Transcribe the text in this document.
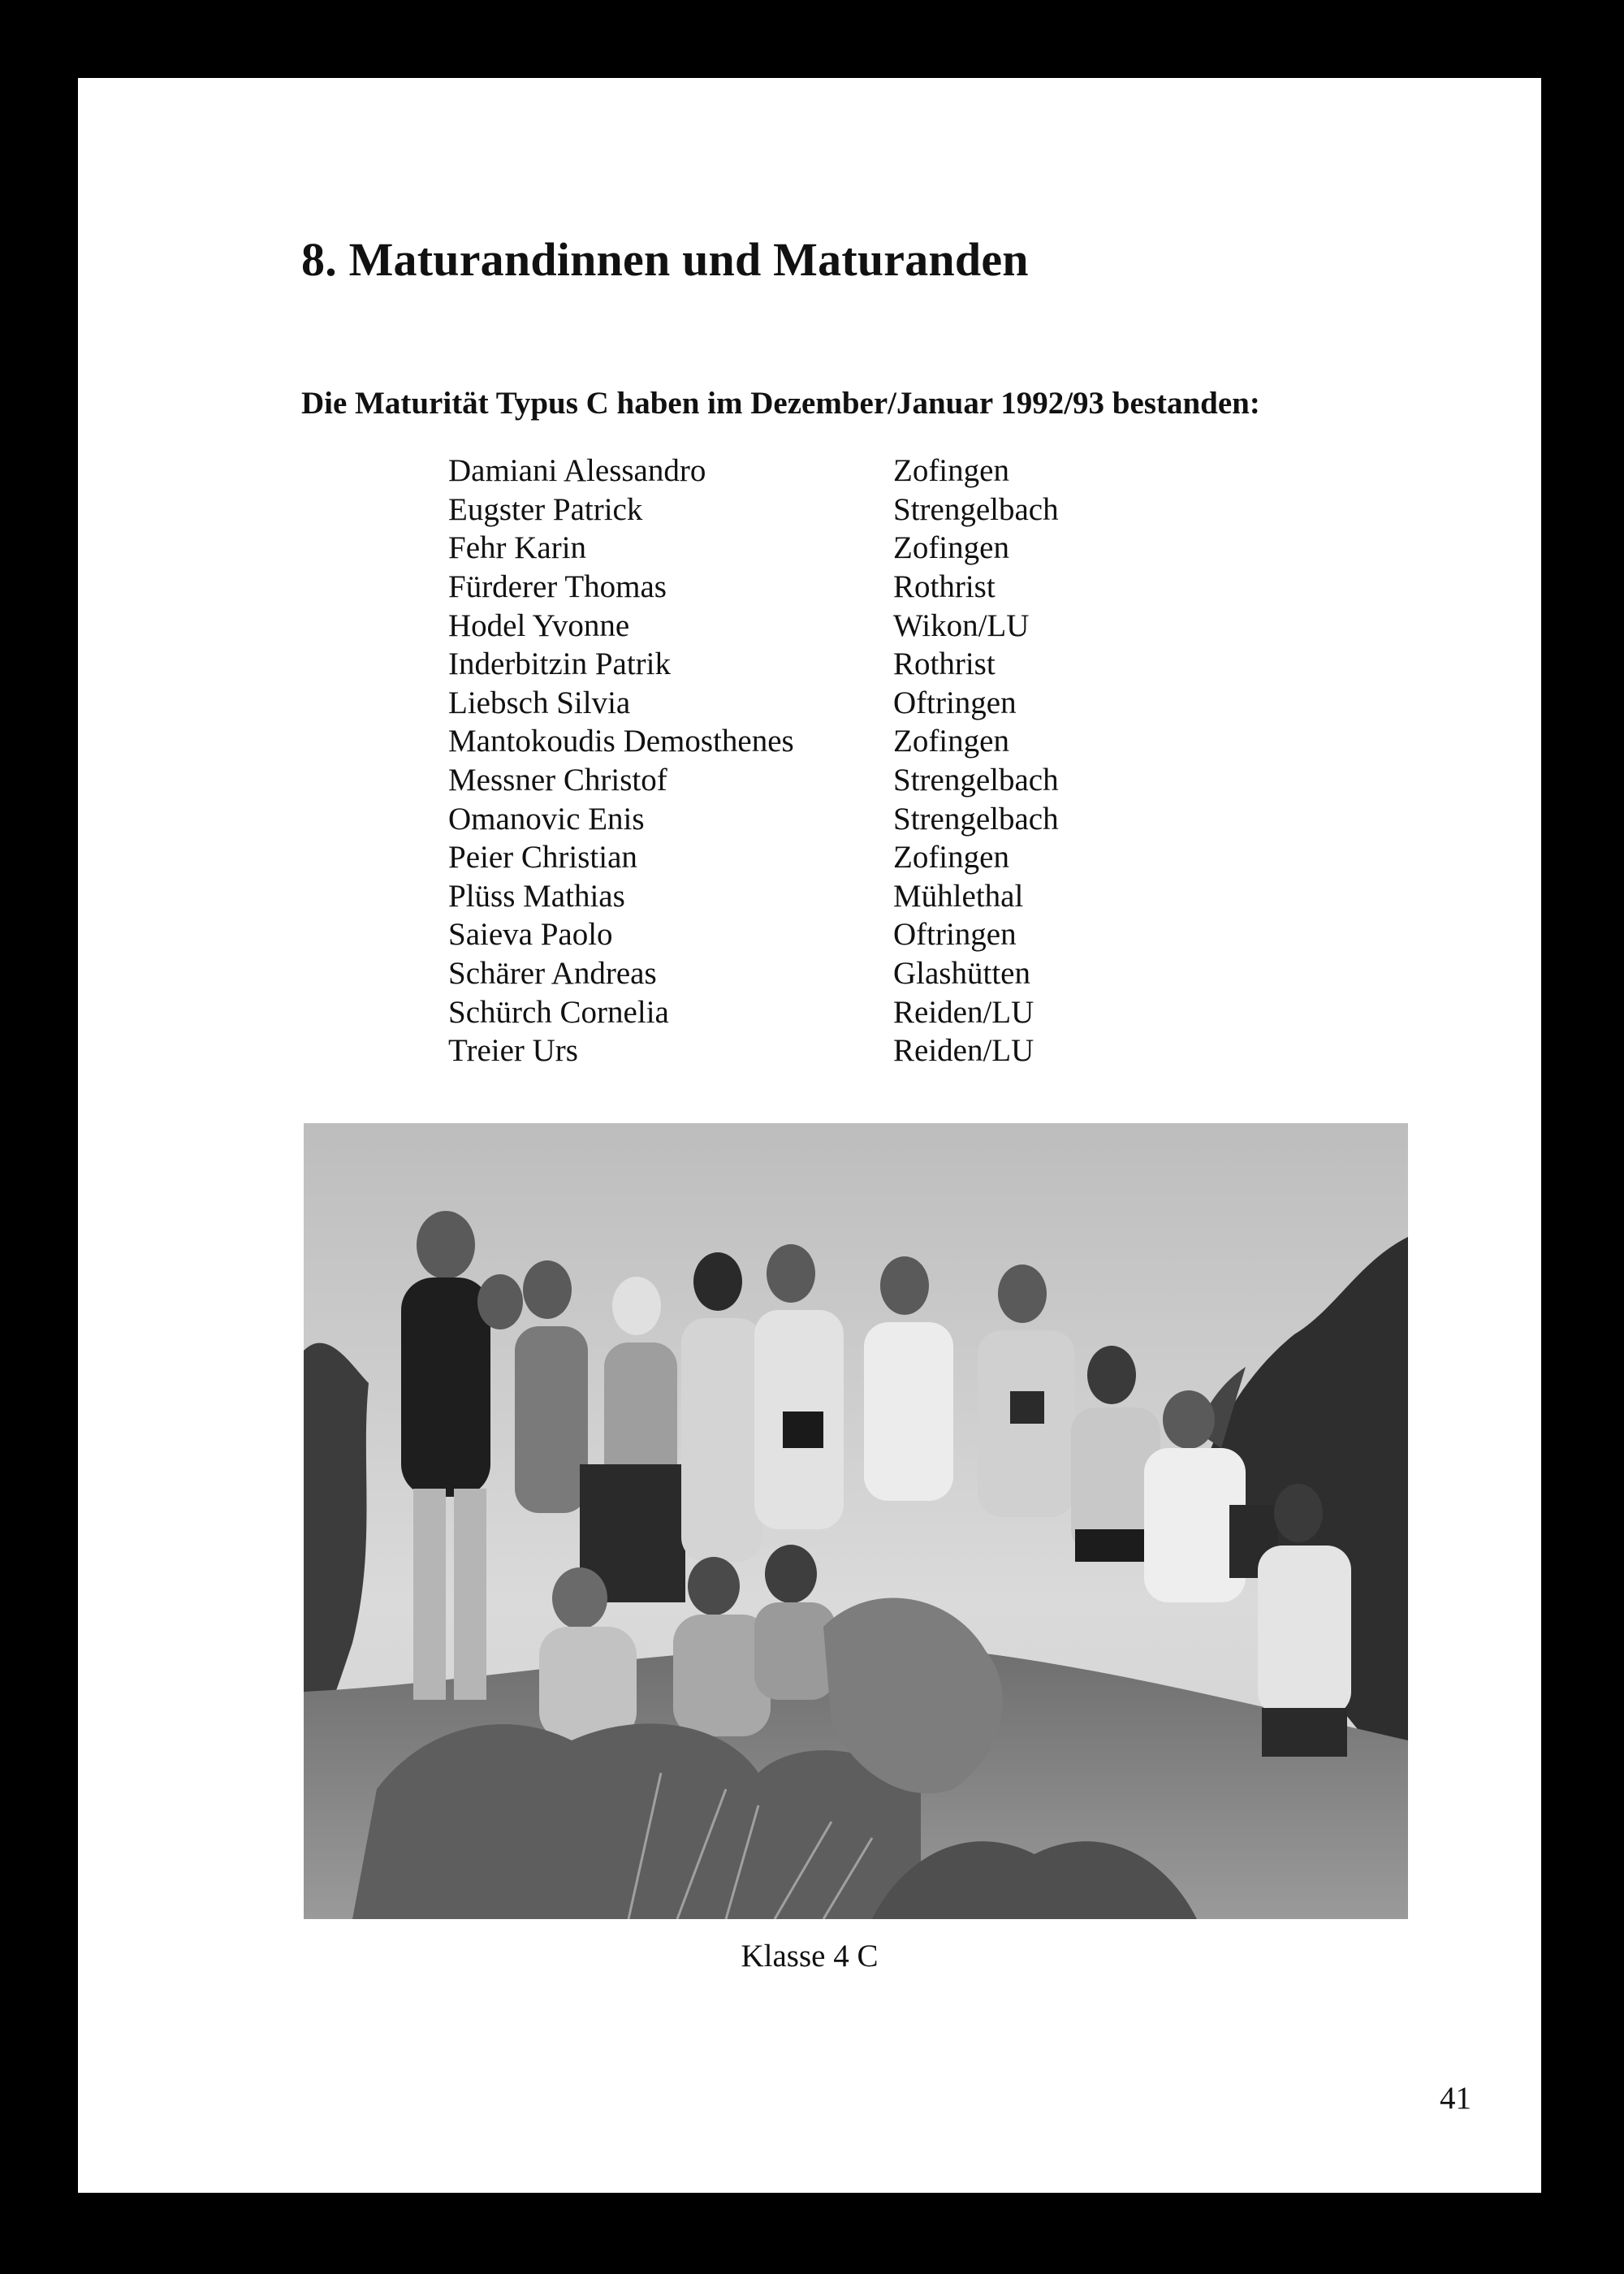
8. Maturandinnen und Maturanden
Die Maturität Typus C haben im Dezember/Januar 1992/93 bestanden:
Damiani Alessandro	Zofingen
Eugster Patrick	Strengelbach
Fehr Karin	Zofingen
Fürderer Thomas	Rothrist
Hodel Yvonne	Wikon/LU
Inderbitzin Patrik	Rothrist
Liebsch Silvia	Oftringen
Mantokoudis Demosthenes	Zofingen
Messner Christof	Strengelbach
Omanovic Enis	Strengelbach
Peier Christian	Zofingen
Plüss Mathias	Mühlethal
Saieva Paolo	Oftringen
Schärer Andreas	Glashütten
Schürch Cornelia	Reiden/LU
Treier Urs	Reiden/LU
Klasse 4 C
41
